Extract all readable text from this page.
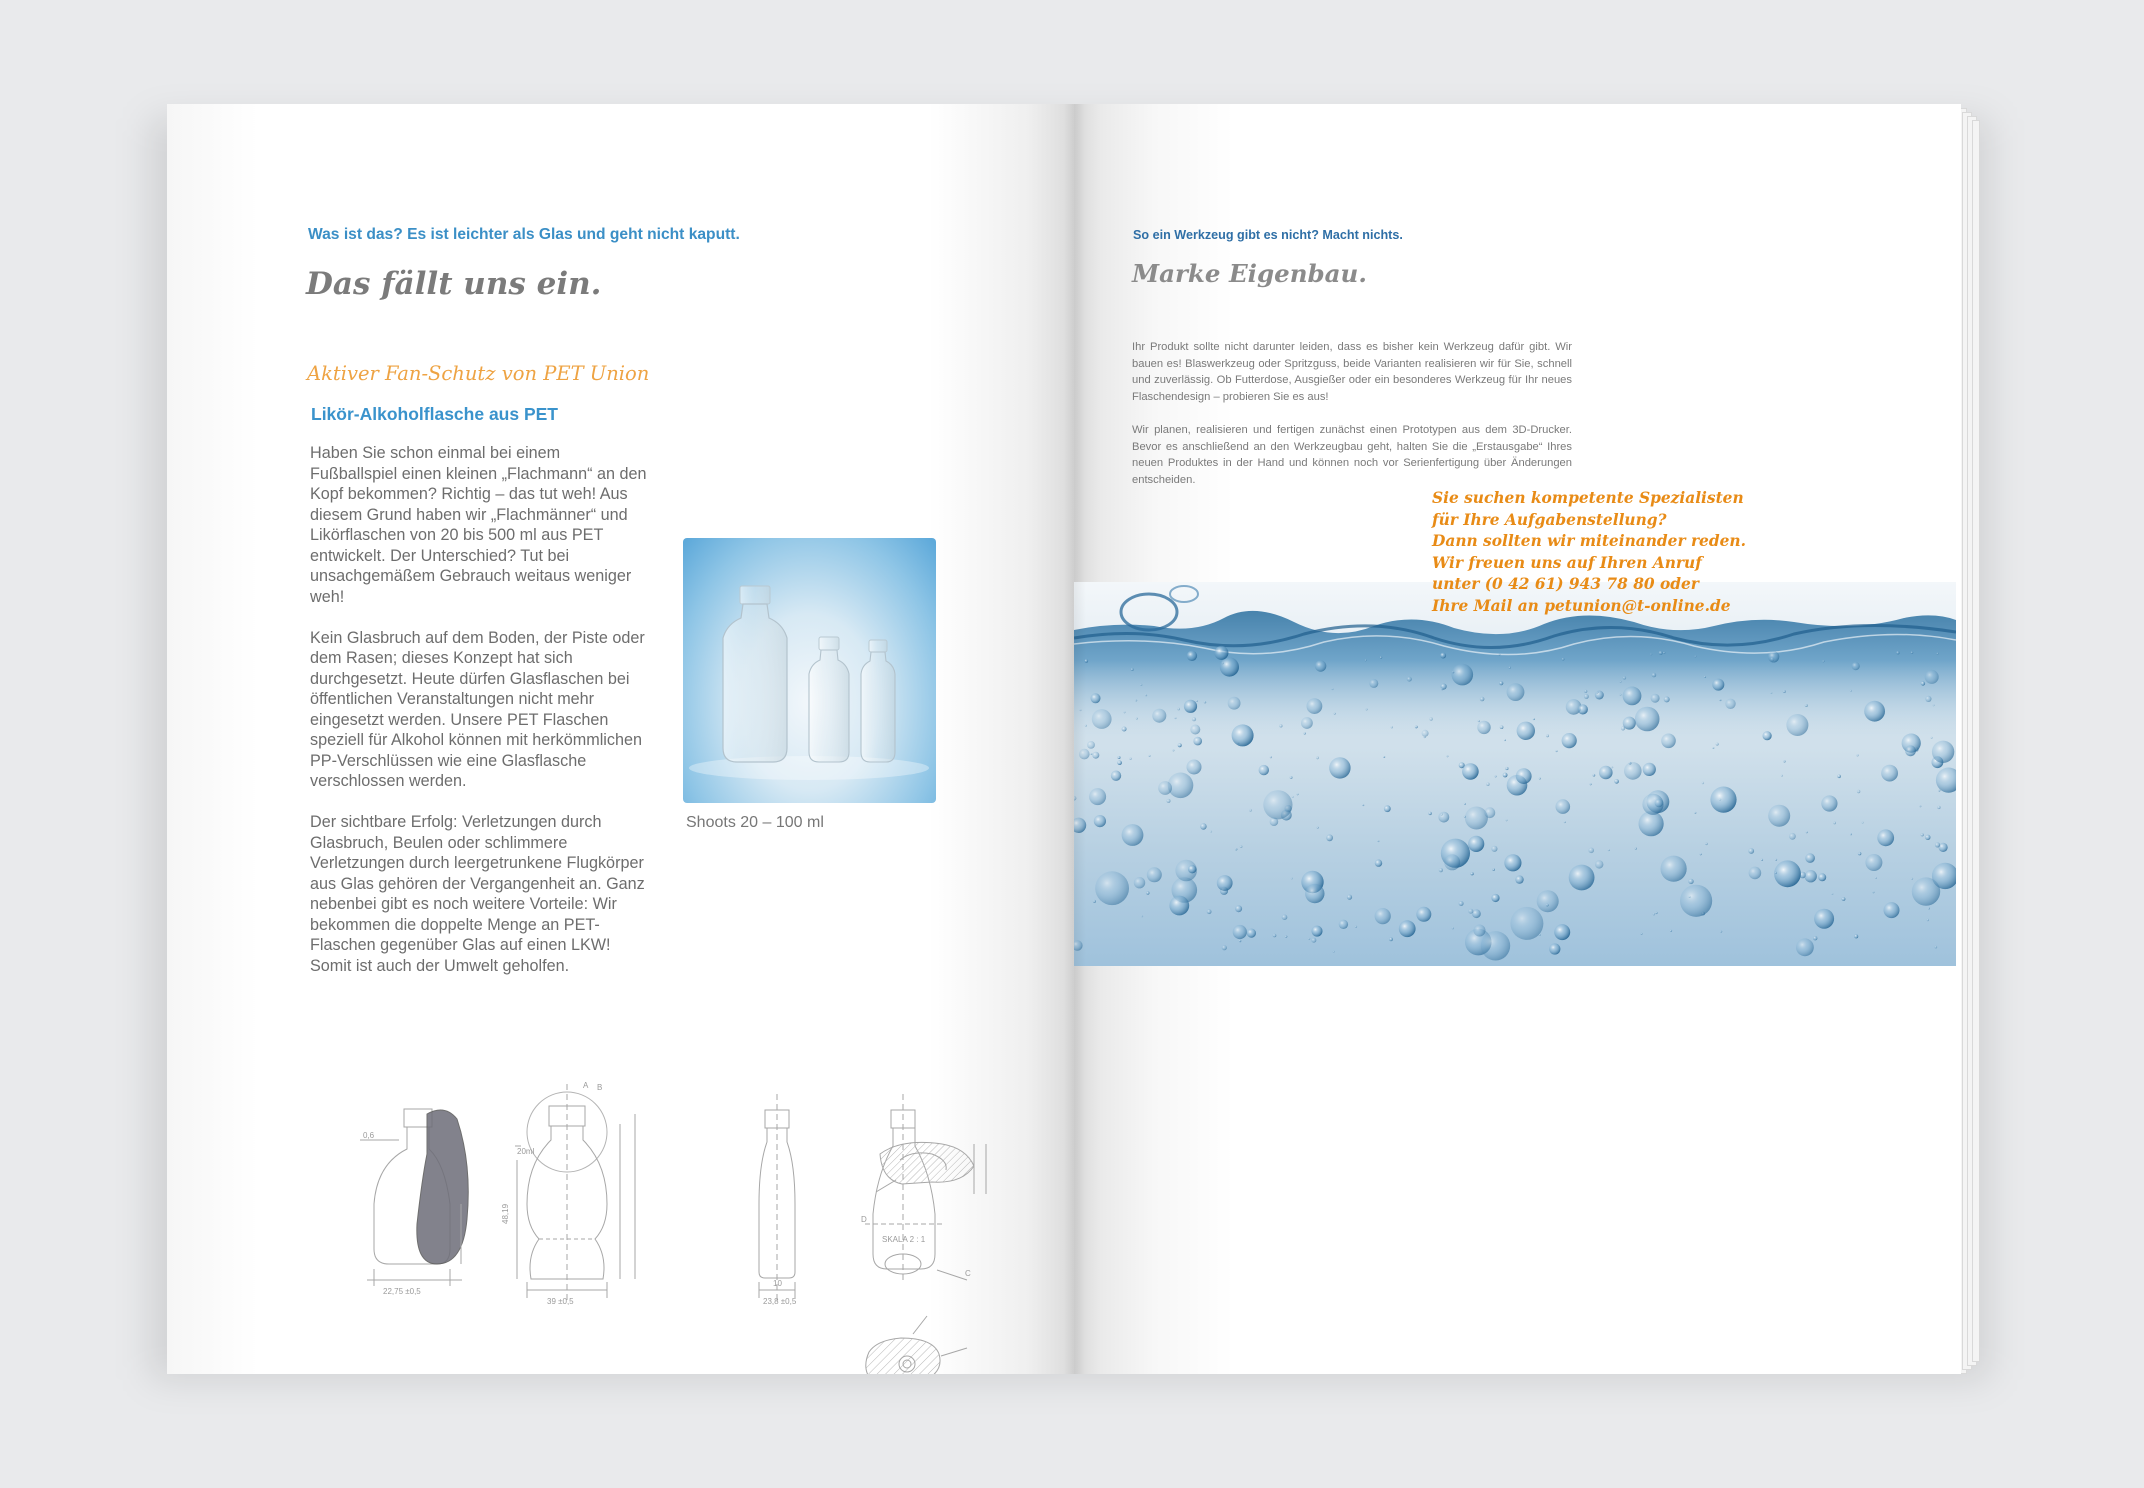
Was ist das? Es ist leichter als Glas und geht nicht kaputt.
Das fällt uns ein.
Aktiver Fan-Schutz von PET Union
Likör-Alkoholflasche aus PET

Haben Sie schon einmal bei einem Fußballspiel einen kleinen „Flachmann“ an den Kopf bekommen? Richtig – das tut weh! Aus diesem Grund haben wir „Flachmänner“ und Likörflaschen von 20 bis 500 ml aus PET entwickelt. Der Unterschied? Tut bei unsachgemäßem Gebrauch weitaus weniger weh!

Kein Glasbruch auf dem Boden, der Piste oder dem Rasen; dieses Konzept hat sich durchgesetzt. Heute dürfen Glasflaschen bei öffentlichen Veranstaltungen nicht mehr eingesetzt werden. Unsere PET Flaschen speziell für Alkohol können mit herkömmlichen PP-Verschlüssen wie eine Glasflasche verschlossen werden.

Der sichtbare Erfolg: Verletzungen durch Glasbruch, Beulen oder schlimmere Verletzungen durch leergetrunkene Flugkörper aus Glas gehören der Vergangenheit an. Ganz nebenbei gibt es noch weitere Vorteile: Wir bekommen die doppelte Menge an PET-Flaschen gegenüber Glas auf einen LKW! Somit ist auch der Umwelt geholfen.

Shoots 20 – 100 ml
0,6
22,75 ±0,5
20ml
39 ±0,5	23,8 ±0,5
10
A B
C
D
48,19
SKALA 2 : 1
So ein Werkzeug gibt es nicht? Macht nichts.
Marke Eigenbau.

Ihr Produkt sollte nicht darunter leiden, dass es bisher kein Werkzeug dafür gibt. Wir bauen es! Blaswerkzeug oder Spritzguss, beide Varianten realisieren wir für Sie, schnell und zuverlässig. Ob Futterdose, Ausgießer oder ein besonderes Werkzeug für Ihr neues Flaschendesign – probieren Sie es aus!

Wir planen, realisieren und fertigen zunächst einen Prototypen aus dem 3D-Drucker. Bevor es anschließend an den Werkzeugbau geht, halten Sie die „Erstausgabe“ Ihres neuen Produktes in der Hand und können noch vor Serienfertigung über Änderungen entscheiden.

Sie suchen kompetente Spezialisten
für Ihre Aufgabenstellung?
Dann sollten wir miteinander reden.
Wir freuen uns auf Ihren Anruf
unter (0 42 61) 943 78 80 oder
Ihre Mail an petunion@t-online.de
